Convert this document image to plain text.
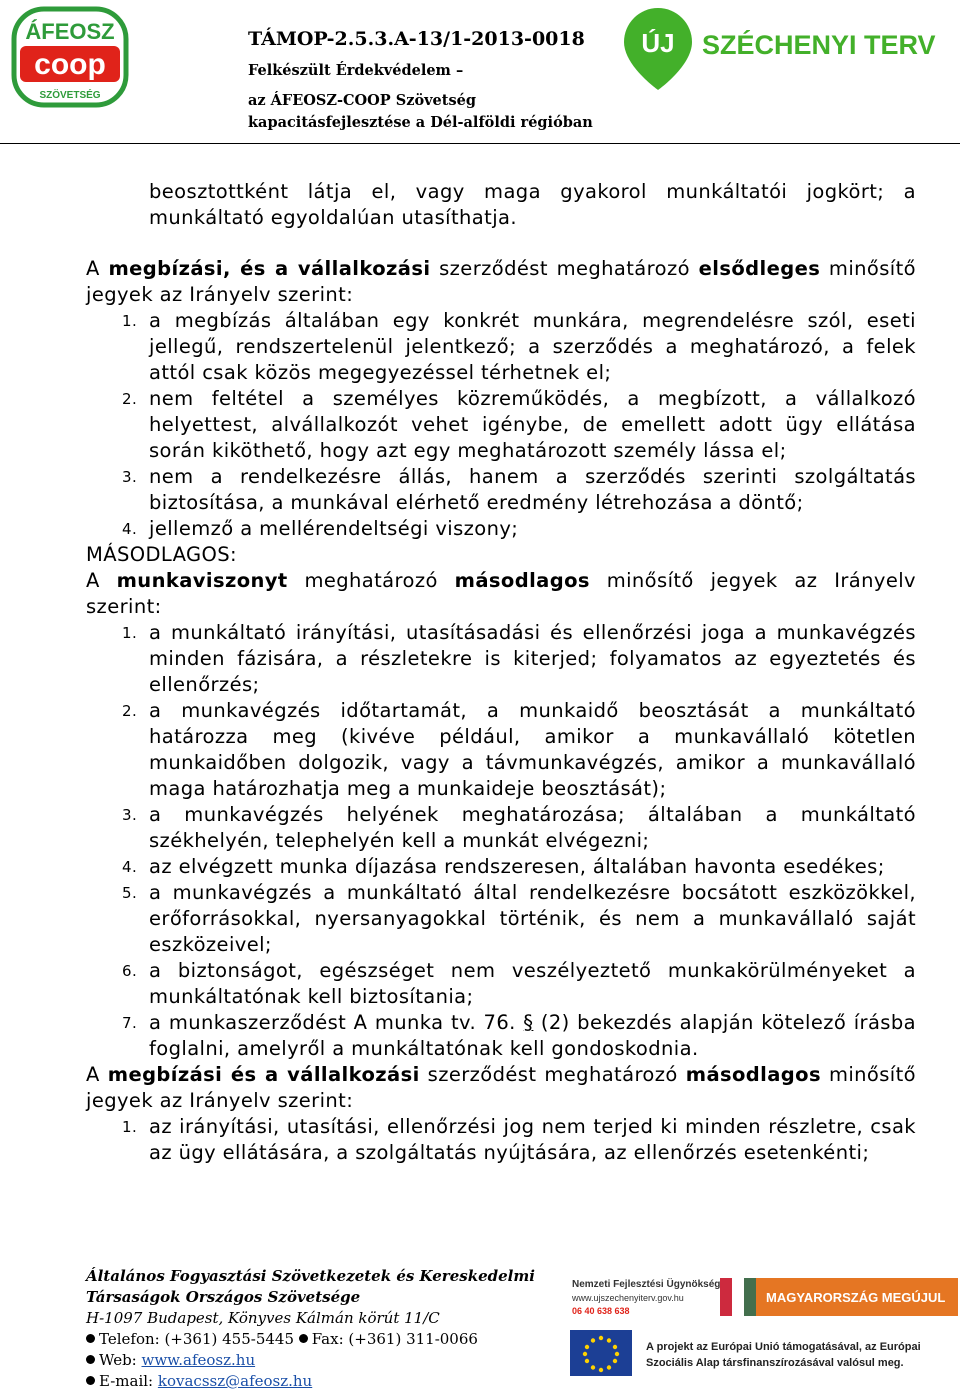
ÁFEOSZ
coop
SZÖVETSÉG
TÁMOP-2.5.3.A-13/1-2013-0018
Felkészült Érdekvédelem –
az ÁFEOSZ-COOP Szövetség
kapacitásfejlesztése a Dél-alföldi régióban
ÚJ SZÉCHENYI TERV

beosztottként látja el, vagy maga gyakorol munkáltatói jogkört; a munkáltató egyoldalúan utasíthatja.

A megbízási, és a vállalkozási szerződést meghatározó elsődleges minősítő jegyek az Irányelv szerint:

1. a megbízás általában egy konkrét munkára, megrendelésre szól, eseti jellegű, rendszertelenül jelentkező; a szerződés a meghatározó, a felek attól csak közös megegyezéssel térhetnek el;

2. nem feltétel a személyes közreműködés, a megbízott, a vállalkozó helyettest, alvállalkozót vehet igénybe, de emellett adott ügy ellátása során kiköthető, hogy azt egy meghatározott személy lássa el;

3. nem a rendelkezésre állás, hanem a szerződés szerinti szolgáltatás biztosítása, a munkával elérhető eredmény létrehozása a döntő;

4. jellemző a mellérendeltségi viszony;

MÁSODLAGOS:

A munkaviszonyt meghatározó másodlagos minősítő jegyek az Irányelv szerint:

1. a munkáltató irányítási, utasításadási és ellenőrzési joga a munkavégzés minden fázisára, a részletekre is kiterjed; folyamatos az egyeztetés és ellenőrzés;

2. a munkavégzés időtartamát, a munkaidő beosztását a munkáltató határozza meg (kivéve például, amikor a munkavállaló kötetlen munkaidőben dolgozik, vagy a távmunkavégzés, amikor a munkavállaló maga határozhatja meg a munkaideje beosztását);

3. a munkavégzés helyének meghatározása; általában a munkáltató székhelyén, telephelyén kell a munkát elvégezni;

4. az elvégzett munka díjazása rendszeresen, általában havonta esedékes;

5. a munkavégzés a munkáltató által rendelkezésre bocsátott eszközökkel, erőforrásokkal, nyersanyagokkal történik, és nem a munkavállaló saját eszközeivel;

6. a biztonságot, egészséget nem veszélyeztető munkakörülményeket a munkáltatónak kell biztosítania;

7. a munkaszerződést A munka tv. 76. § (2) bekezdés alapján kötelező írásba foglalni, amelyről a munkáltatónak kell gondoskodnia.

A megbízási és a vállalkozási szerződést meghatározó másodlagos minősítő jegyek az Irányelv szerint:

1. az irányítási, utasítási, ellenőrzési jog nem terjed ki minden részletre, csak az ügy ellátására, a szolgáltatás nyújtására, az ellenőrzés esetenkénti;

Általános Fogyasztási Szövetkezetek és Kereskedelmi
Társaságok Országos Szövetsége
H-1097 Budapest, Könyves Kálmán körút 11/C
Telefon: (+361) 455-5445 Fax: (+361) 311-0066
Web: www.afeosz.hu
E-mail: kovacssz@afeosz.hu
Nemzeti Fejlesztési Ügynökség
www.ujszechenyiterv.gov.hu
06 40 638 638
MAGYARORSZÁG MEGÚJUL
A projekt az Európai Unió támogatásával, az Európai
Szociális Alap társfinanszírozásával valósul meg.
